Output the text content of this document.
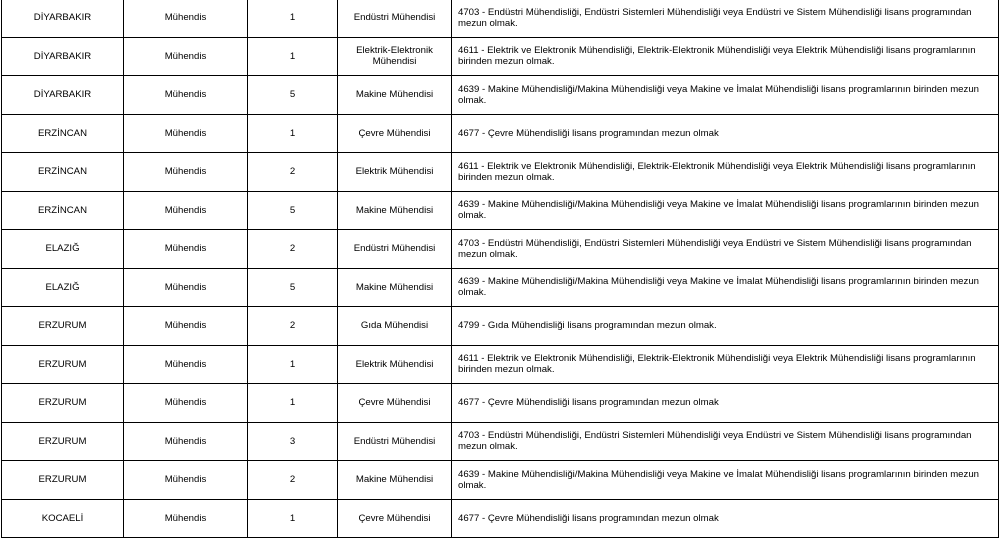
DİYARBAKIR	Mühendis	1	Endüstri Mühendisi	4703 - Endüstri Mühendisliği, Endüstri Sistemleri Mühendisliği veya Endüstri ve Sistem Mühendisliği lisans programından mezun olmak.
DİYARBAKIR	Mühendis	1	Elektrik-Elektronik Mühendisi	4611 - Elektrik ve Elektronik Mühendisliği, Elektrik-Elektronik Mühendisliği veya Elektrik Mühendisliği lisans programlarının birinden mezun olmak.
DİYARBAKIR	Mühendis	5	Makine Mühendisi	4639 - Makine Mühendisliği/Makina Mühendisliği veya Makine ve İmalat Mühendisliği lisans programlarının birinden mezun olmak.
ERZİNCAN	Mühendis	1	Çevre Mühendisi	4677 - Çevre Mühendisliği lisans programından mezun olmak
ERZİNCAN	Mühendis	2	Elektrik Mühendisi	4611 - Elektrik ve Elektronik Mühendisliği, Elektrik-Elektronik Mühendisliği veya Elektrik Mühendisliği lisans programlarının birinden mezun olmak.
ERZİNCAN	Mühendis	5	Makine Mühendisi	4639 - Makine Mühendisliği/Makina Mühendisliği veya Makine ve İmalat Mühendisliği lisans programlarının birinden mezun olmak.
ELAZIĞ	Mühendis	2	Endüstri Mühendisi	4703 - Endüstri Mühendisliği, Endüstri Sistemleri Mühendisliği veya Endüstri ve Sistem Mühendisliği lisans programından mezun olmak.
ELAZIĞ	Mühendis	5	Makine Mühendisi	4639 - Makine Mühendisliği/Makina Mühendisliği veya Makine ve İmalat Mühendisliği lisans programlarının birinden mezun olmak.
ERZURUM	Mühendis	2	Gıda Mühendisi	4799 - Gıda Mühendisliği lisans programından mezun olmak.
ERZURUM	Mühendis	1	Elektrik Mühendisi	4611 - Elektrik ve Elektronik Mühendisliği, Elektrik-Elektronik Mühendisliği veya Elektrik Mühendisliği lisans programlarının birinden mezun olmak.
ERZURUM	Mühendis	1	Çevre Mühendisi	4677 - Çevre Mühendisliği lisans programından mezun olmak
ERZURUM	Mühendis	3	Endüstri Mühendisi	4703 - Endüstri Mühendisliği, Endüstri Sistemleri Mühendisliği veya Endüstri ve Sistem Mühendisliği lisans programından mezun olmak.
ERZURUM	Mühendis	2	Makine Mühendisi	4639 - Makine Mühendisliği/Makina Mühendisliği veya Makine ve İmalat Mühendisliği lisans programlarının birinden mezun olmak.
KOCAELİ	Mühendis	1	Çevre Mühendisi	4677 - Çevre Mühendisliği lisans programından mezun olmak
